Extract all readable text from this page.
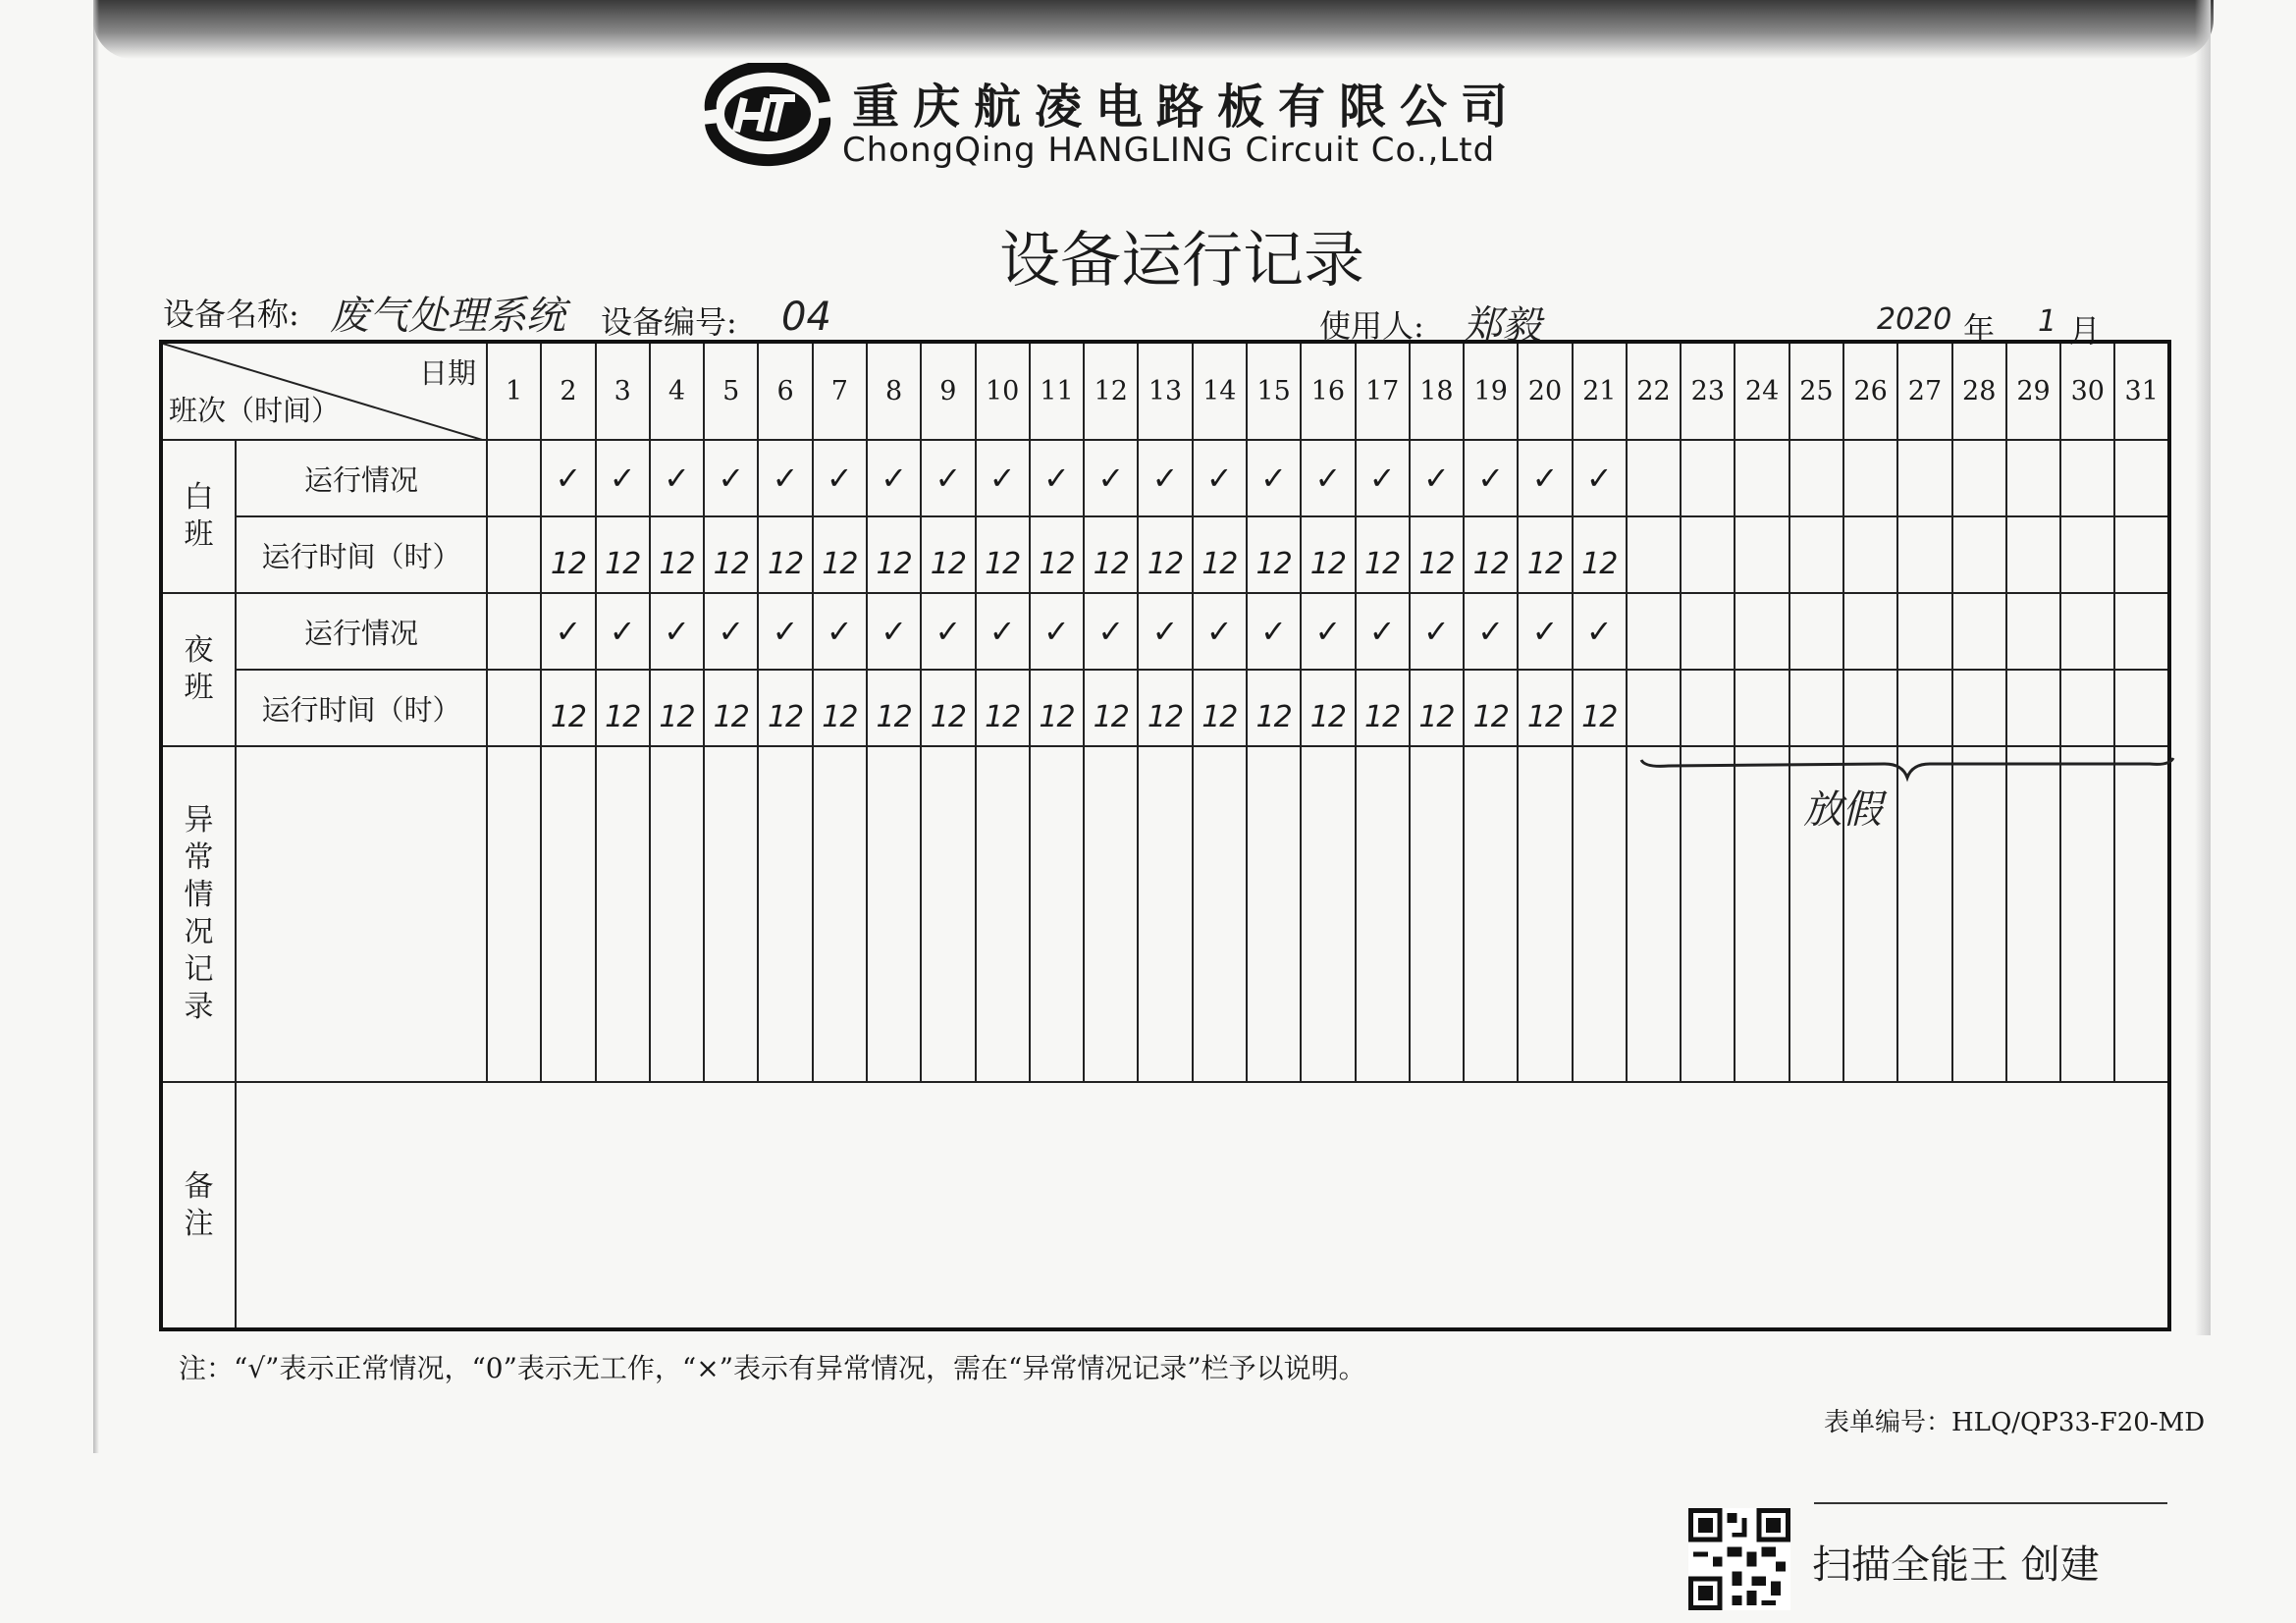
重庆航凌电路板有限公司
ChongQing HANGLING Circuit Co.,Ltd
设备运行记录
设备名称: 废气处理系统 设备编号: 04	使用人: 郑毅	2020 年 1 月
日期
班次（时间）		1	2	3	4	5	6	7	8	9	10	11	12	13	14	15	16	17	18	19	20	21	22	23	24	25	26	27	28	29	30	31
白班	运行情况		✓	✓	✓	✓	✓	✓	✓	✓	✓	✓	✓	✓	✓	✓	✓	✓	✓	✓	✓	✓										
	运行时间（时）		12	12	12	12	12	12	12	12	12	12	12	12	12	12	12	12	12	12	12	12										
夜班	运行情况		✓	✓	✓	✓	✓	✓	✓	✓	✓	✓	✓	✓	✓	✓	✓	✓	✓	✓	✓	✓										
	运行时间（时）		12	12	12	12	12	12	12	12	12	12	12	12	12	12	12	12	12	12	12	12										
异常情况记录																																
备注																																
放假
注：“√”表示正常情况，“0”表示无工作，“×”表示有异常情况，需在“异常情况记录”栏予以说明。
表单编号：HLQ/QP33-F20-MD
扫描全能王 创建
